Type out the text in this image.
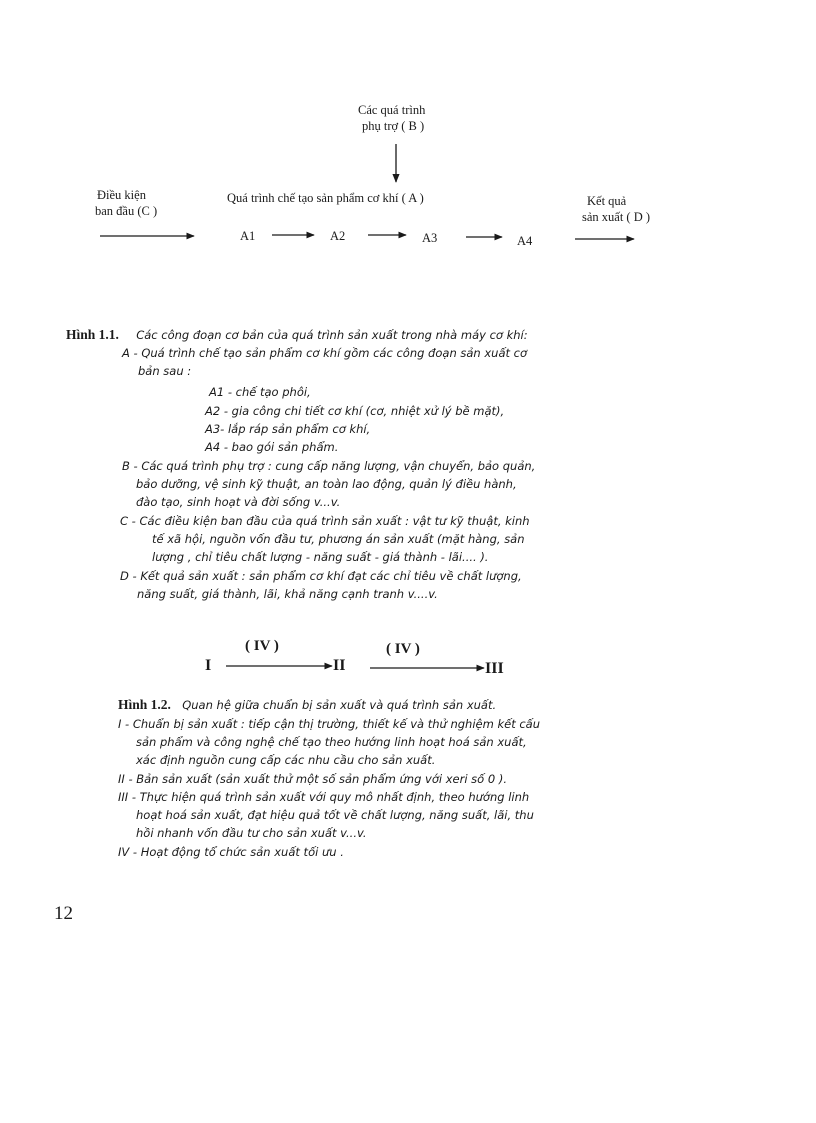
Các quá trình
phụ trợ ( B )
Điều kiện
ban đầu (C )
Quá trình chế tạo sản phẩm cơ khí ( A )
A1	A2	A3	A4
Kết quả
sản xuất ( D )
Hình 1.1. Các công đoạn cơ bản của quá trình sản xuất trong nhà máy cơ khí:
A - Quá trình chế tạo sản phẩm cơ khí gồm các công đoạn sản xuất cơ
bản sau :
A1 - chế tạo phôi,
A2 - gia công chi tiết cơ khí (cơ, nhiệt xử lý bề mặt),
A3- lắp ráp sản phẩm cơ khí,
A4 - bao gói sản phẩm.
B - Các quá trình phụ trợ : cung cấp năng lượng, vận chuyển, bảo quản,
bảo dưỡng, vệ sinh kỹ thuật, an toàn lao động, quản lý điều hành,
đào tạo, sinh hoạt và đời sống v...v.
C - Các điều kiện ban đầu của quá trình sản xuất : vật tư kỹ thuật, kinh
tế xã hội, nguồn vốn đầu tư, phương án sản xuất (mặt hàng, sản
lượng , chỉ tiêu chất lượng - năng suất - giá thành - lãi.... ).
D - Kết quả sản xuất : sản phẩm cơ khí đạt các chỉ tiêu về chất lượng,
năng suất, giá thành, lãi, khả năng cạnh tranh v....v.
( IV )	( IV )
I	II	III
Hình 1.2. Quan hệ giữa chuẩn bị sản xuất và quá trình sản xuất.
I - Chuẩn bị sản xuất : tiếp cận thị trường, thiết kế và thử nghiệm kết cấu
sản phẩm và công nghệ chế tạo theo hướng linh hoạt hoá sản xuất,
xác định nguồn cung cấp các nhu cầu cho sản xuất.
II - Bản sản xuất (sản xuất thử một số sản phẩm ứng với xeri số 0 ).
III - Thực hiện quá trình sản xuất với quy mô nhất định, theo hướng linh
hoạt hoá sản xuất, đạt hiệu quả tốt về chất lượng, năng suất, lãi, thu
hồi nhanh vốn đầu tư cho sản xuất v...v.
IV - Hoạt động tổ chức sản xuất tối ưu .
12
